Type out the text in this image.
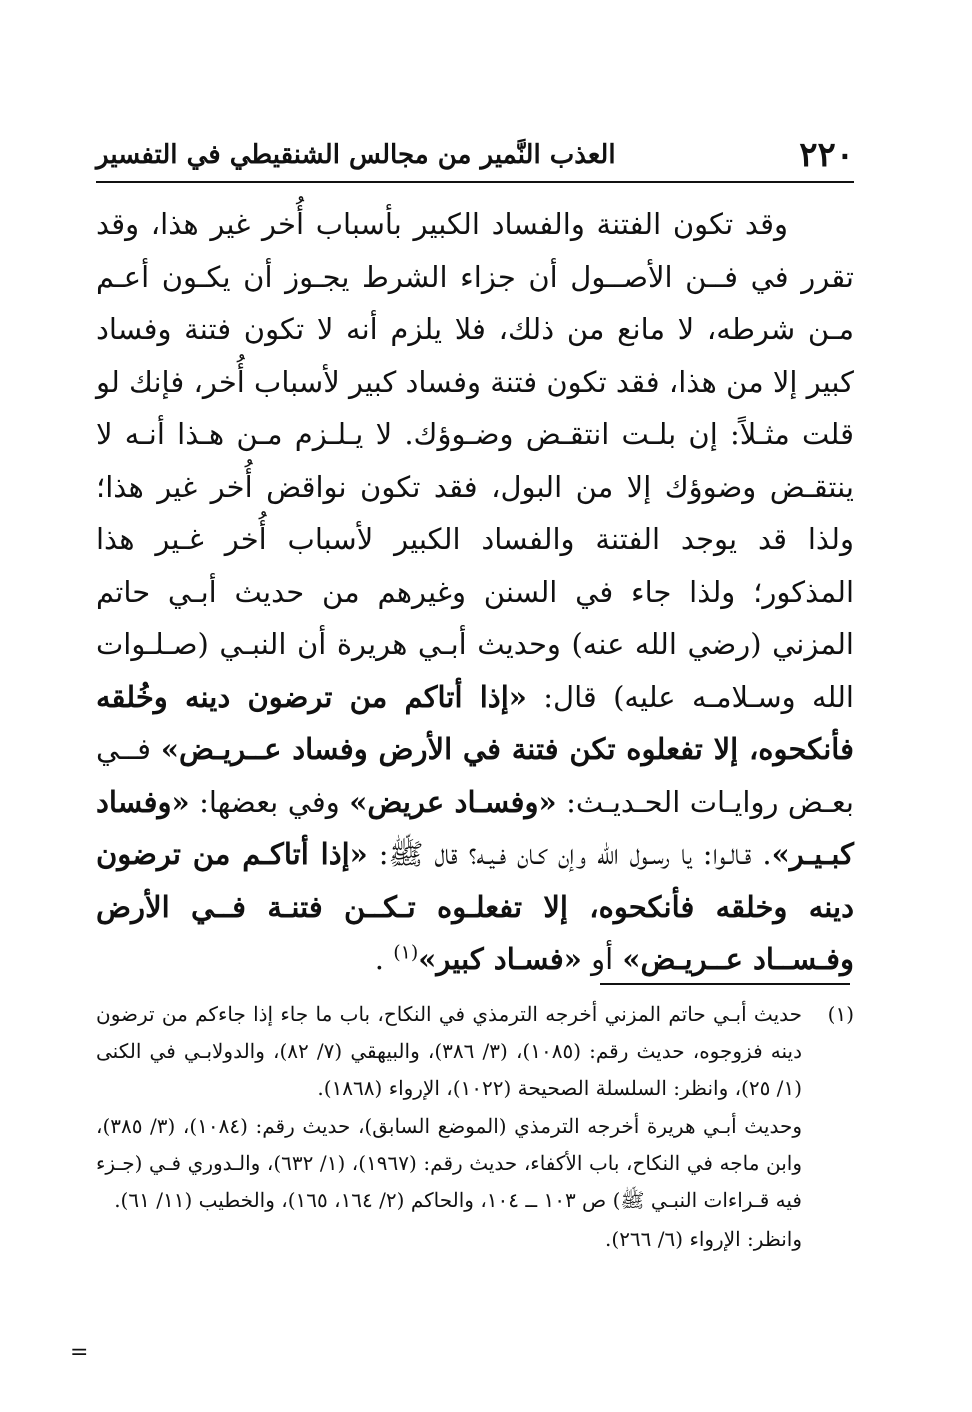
٢٢٠
العذب النَّمير من مجالس الشنقيطي في التفسير

وقد تكون الفتنة والفساد الكبير بأسباب أُخر غير هذا، وقد تقرر في فــن الأصــول أن جزاء الشرط يجـوز أن يكـون أعـم مـن شرطه، لا مانع من ذلك، فلا يلزم أنه لا تكون فتنة وفساد كبير إلا من هذا، فقد تكون فتنة وفساد كبير لأسباب أُخر، فإنك لو قلت مثـلاً: إن بلـت انتقـض وضـوؤك. لا يـلـزم مـن هـذا أنـه لا ينتقـض وضوؤك إلا من البول، فقد تكون نواقض أُخر غير هذا؛ ولذا قد يوجد الفتنة والفساد الكبير لأسباب أُخر غـير هذا المذكور؛ ولذا جاء في السنن وغيرهم من حديث أبـي حاتم المزني (رضي الله عنه) وحديث أبـي هريرة أن النبـي (صـلـوات الله وسـلامـه عليه) قال: «إذا أتاكم من ترضون دينه وخُلقه فأنكحوه، إلا تفعلوه تكن فتنة في الأرض وفساد عــريـض» فــي بعـض روايـات الحـديـث: «وفسـاد عريض» وفي بعضها: «وفساد كبـيـر». قـالـوا: يا رسـول الله وإن كـان فـيـه؟ قال ﷺ: «إذا أتاكـم من ترضون دينه وخلقه فأنكحوه، إلا تفعلـوه تـكــن فتنـة فــي الأرض وفـســاد عــريـض» أو «فسـاد كبير»$^{(١)}$ .

(١)

حديث أبـي حاتم المزني أخرجه الترمذي في النكاح، باب ما جاء إذا جاءكم من ترضون دينه فزوجوه، حديث رقم: (١٠٨٥)، (٣/ ٣٨٦)، والبيهقي (٧/ ٨٢)، والدولابـي في الكنى (١/ ٢٥)، وانظر: السلسلة الصحيحة (١٠٢٢)، الإرواء (١٨٦٨).

وحديث أبـي هريرة أخرجه الترمذي (الموضع السابق)، حديث رقم: (١٠٨٤)، (٣/ ٣٨٥)، وابن ماجه في النكاح، باب الأكفاء، حديث رقم: (١٩٦٧)، (١/ ٦٣٢)، والـدوري فـي (جـزء فيه قـراءات النبـي ﷺ) ص ١٠٣ ــ ١٠٤، والحاكم (٢/ ١٦٤، ١٦٥)، والخطيب (١١/ ٦١).

وانظر: الإرواء (٦/ ٢٦٦).

=
